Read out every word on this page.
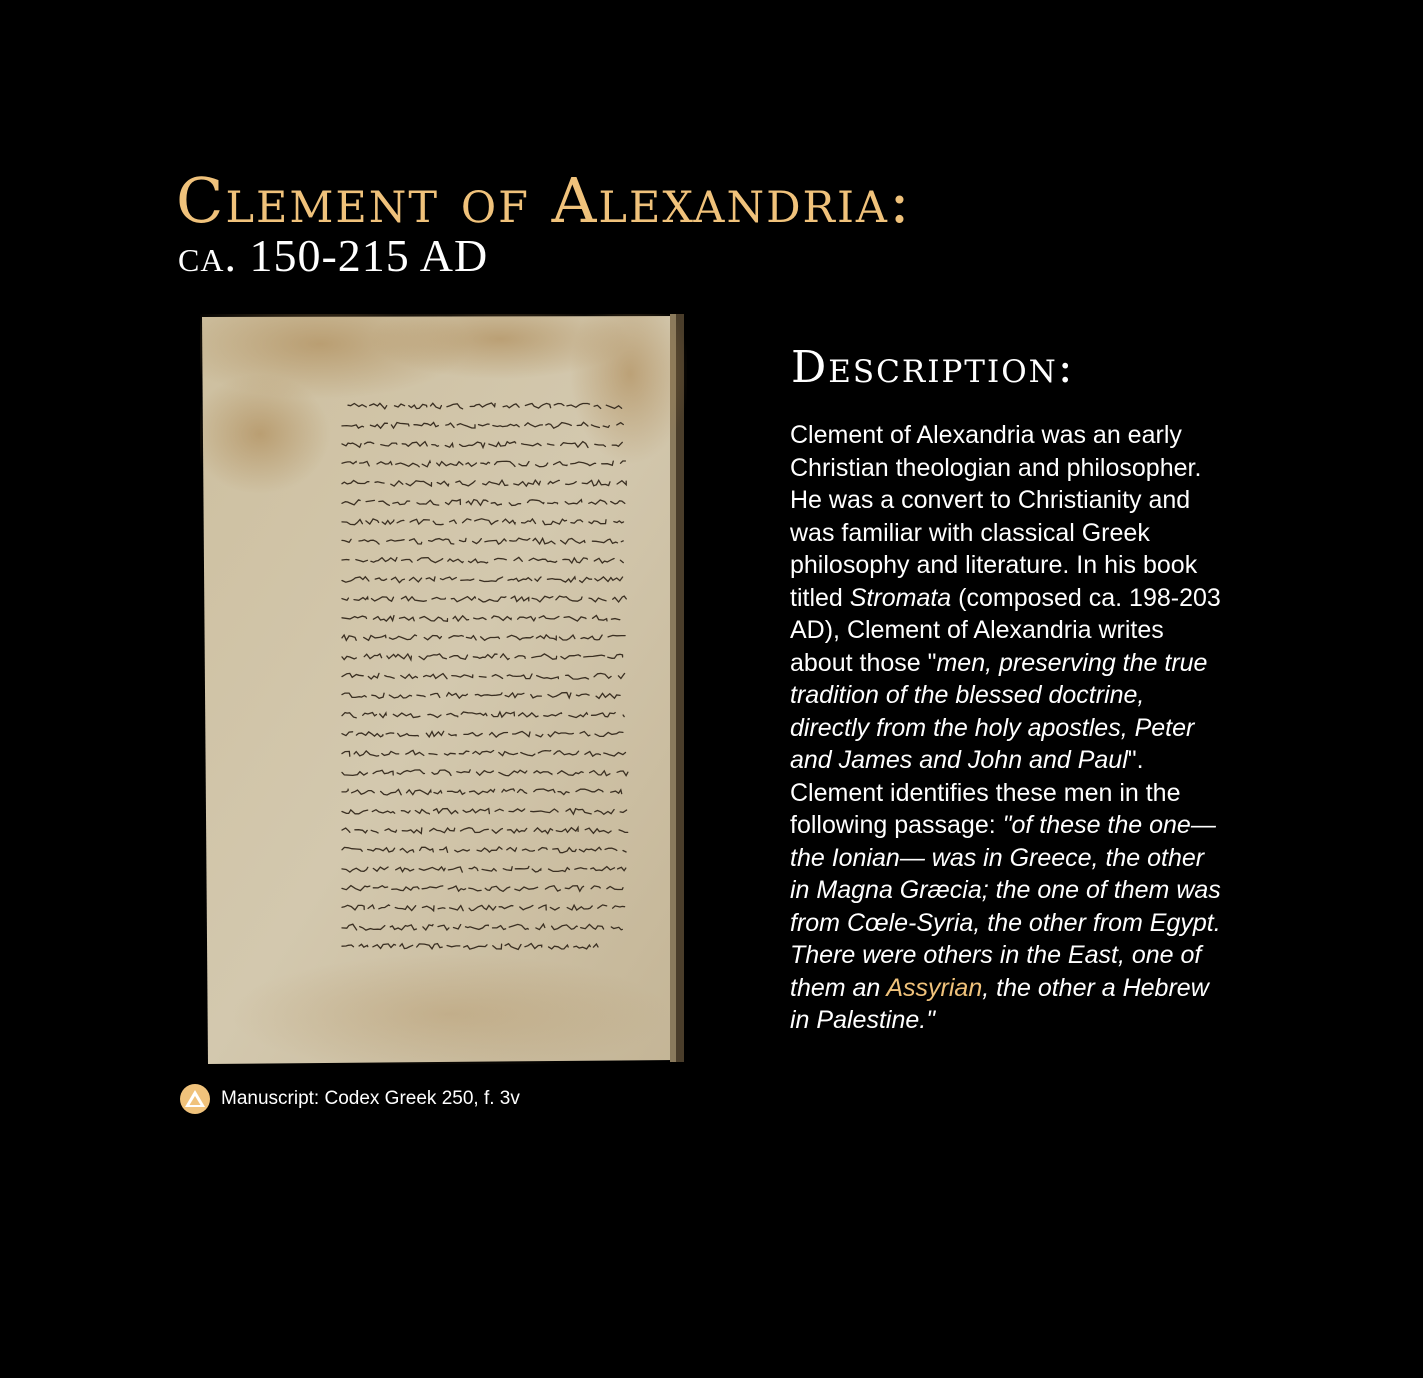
Clement of Alexandria:
ca. 150-215 AD
Manuscript: Codex Greek 250, f. 3v
Description:

Clement of Alexandria was an early Christian theologian and philosopher. He was a convert to Christianity and was familiar with classical Greek philosophy and literature. In his book titled Stromata (composed ca. 198-203 AD), Clement of Alexandria writes about those "men, preserving the true tradition of the blessed doctrine, directly from the holy apostles, Peter and James and John and Paul". Clement identifies these men in the following passage: "of these the one— the Ionian— was in Greece, the other in Magna Græcia; the one of them was from Cœle-Syria, the other from Egypt. There were others in the East, one of them an Assyrian, the other a Hebrew in Palestine."
